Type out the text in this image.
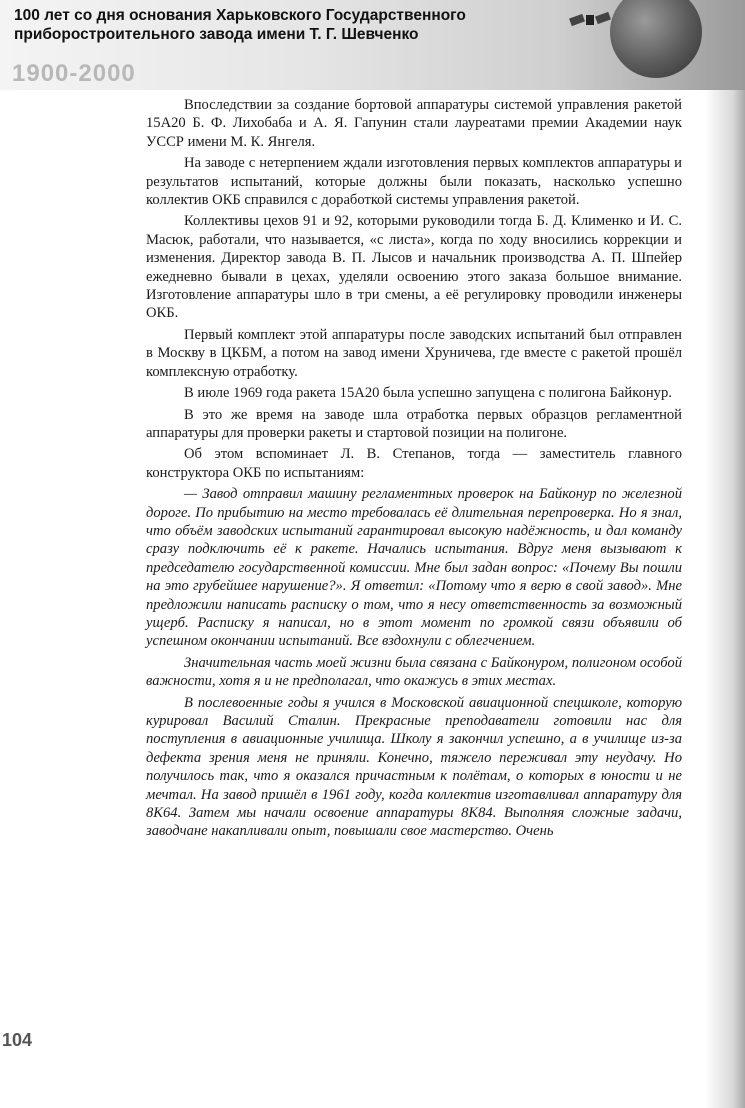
100 лет со дня основания Харьковского Государственного
приборостроительного завода имени Т. Г. Шевченко
1900-2000

Впоследствии за создание бортовой аппаратуры системой управления ракетой 15А20 Б. Ф. Лихобаба и А. Я. Гапунин стали лауреатами премии Академии наук УССР имени М. К. Янгеля.

На заводе с нетерпением ждали изготовления первых комплектов аппаратуры и результатов испытаний, которые должны были показать, насколько успешно коллектив ОКБ справился с доработкой системы управления ракетой.

Коллективы цехов 91 и 92, которыми руководили тогда Б. Д. Клименко и И. С. Масюк, работали, что называется, «с листа», когда по ходу вносились коррекции и изменения. Директор завода В. П. Лысов и начальник производства А. П. Шпейер ежедневно бывали в цехах, уделяли освоению этого заказа большое внимание. Изготовление аппаратуры шло в три смены, а её регулировку проводили инженеры ОКБ.

Первый комплект этой аппаратуры после заводских испытаний был отправлен в Москву в ЦКБМ, а потом на завод имени Хруничева, где вместе с ракетой прошёл комплексную отработку.

В июле 1969 года ракета 15А20 была успешно запущена с полигона Байконур.

В это же время на заводе шла отработка первых образцов регламентной аппаратуры для проверки ракеты и стартовой позиции на полигоне.

Об этом вспоминает Л. В. Степанов, тогда — заместитель главного конструктора ОКБ по испытаниям:

— Завод отправил машину регламентных проверок на Байконур по железной дороге. По прибытию на место требовалась её длительная перепроверка. Но я знал, что объём заводских испытаний гарантировал высокую надёжность, и дал команду сразу подключить её к ракете. Начались испытания. Вдруг меня вызывают к председателю государственной комиссии. Мне был задан вопрос: «Почему Вы пошли на это грубейшее нарушение?». Я ответил: «Потому что я верю в свой завод». Мне предложили написать расписку о том, что я несу ответственность за возможный ущерб. Расписку я написал, но в этот момент по громкой связи объявили об успешном окончании испытаний. Все вздохнули с облегчением.

Значительная часть моей жизни была связана с Байконуром, полигоном особой важности, хотя я и не предполагал, что окажусь в этих местах.

В послевоенные годы я учился в Московской авиационной спецшколе, которую курировал Василий Сталин. Прекрасные преподаватели готовили нас для поступления в авиационные училища. Школу я закончил успешно, а в училище из-за дефекта зрения меня не приняли. Конечно, тяжело переживал эту неудачу. Но получилось так, что я оказался причастным к полётам, о которых в юности и не мечтал. На завод пришёл в 1961 году, когда коллектив изготавливал аппаратуру для 8К64. Затем мы начали освоение аппаратуры 8К84. Выполняя сложные задачи, заводчане накапливали опыт, повышали свое мастерство. Очень

104
